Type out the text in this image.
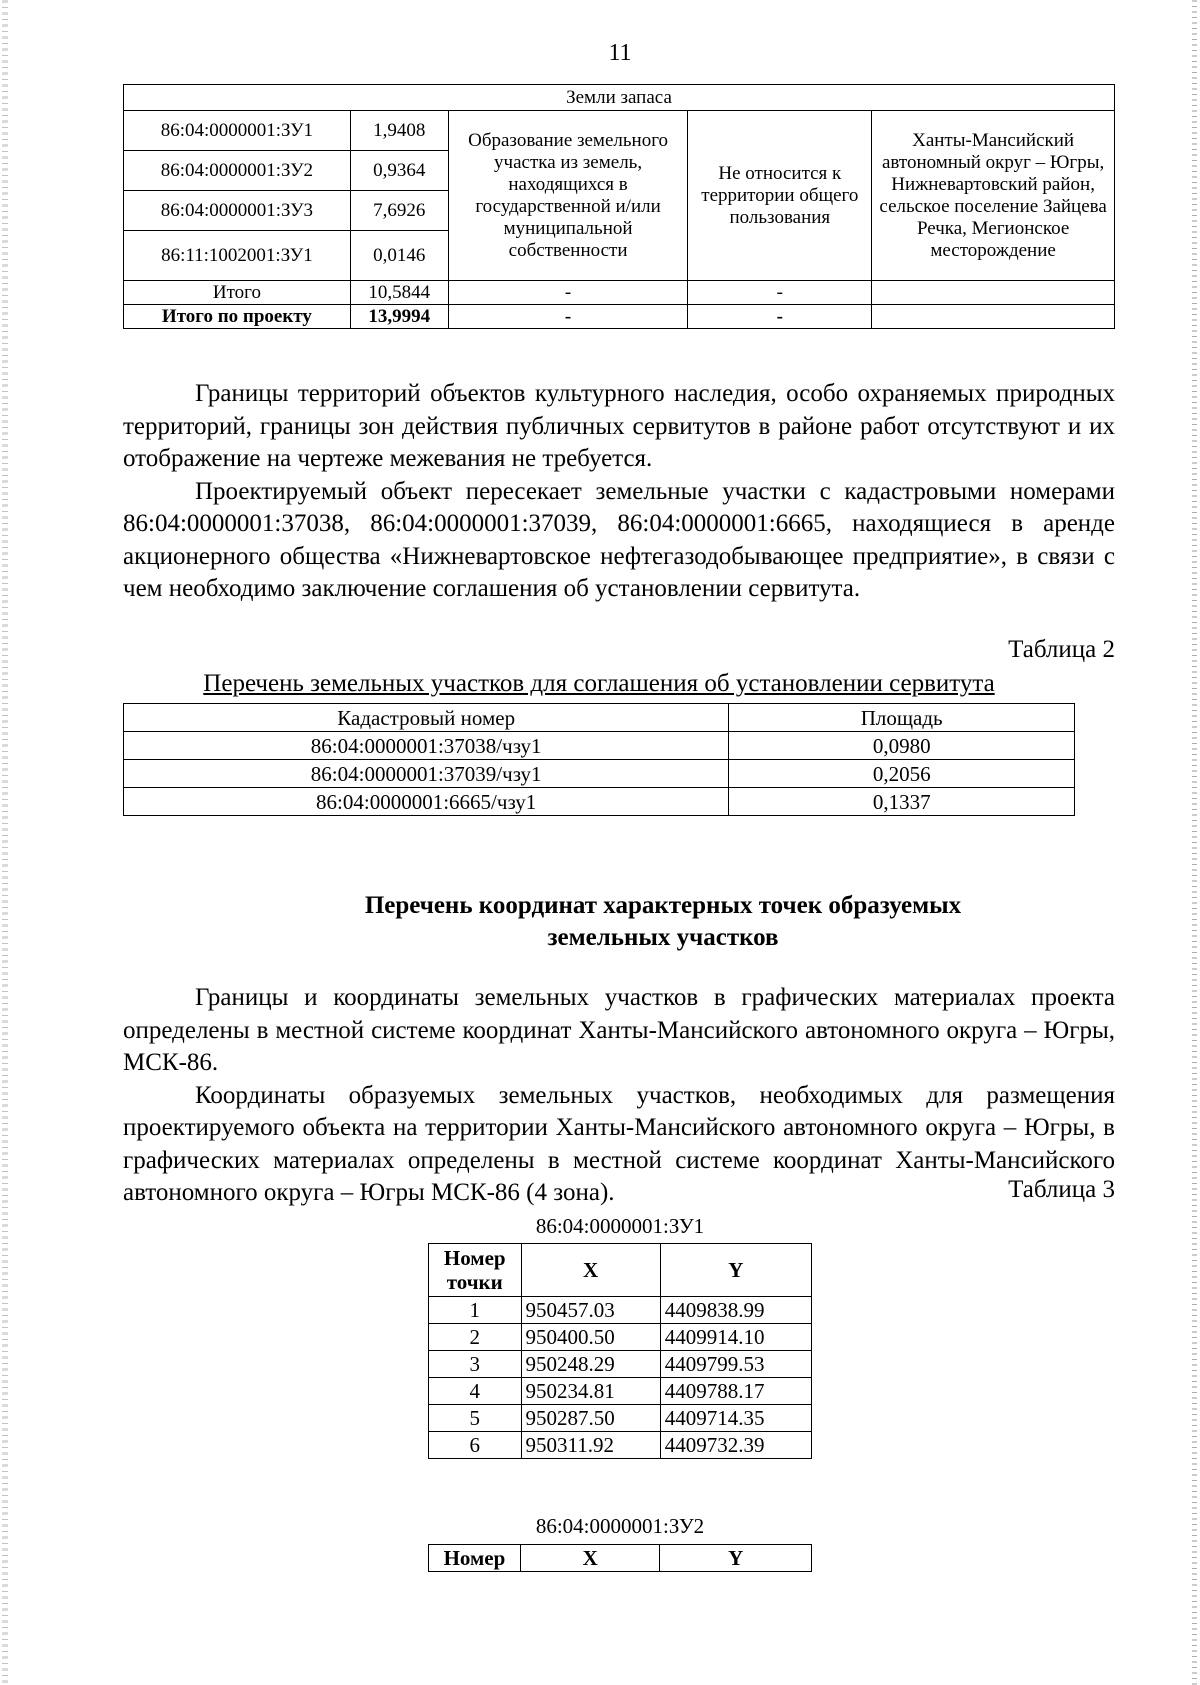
11
Земли запаса				
86:04:0000001:ЗУ1	1,9408	Образование земельного участка из земель, находящихся в государственной и/или муниципальной собственности	Не относится к территории общего пользования	Ханты-Мансийский автономный округ – Югры, Нижневартовский район, сельское поселение Зайцева Речка, Мегионское месторождение
86:04:0000001:ЗУ2	0,9364			
86:04:0000001:ЗУ3	7,6926			
86:11:1002001:ЗУ1	0,0146			
Итого	10,5844	-	-	
Итого по проекту	13,9994	-	-	

Границы территорий объектов культурного наследия, особо охраняемых природных территорий, границы зон действия публичных сервитутов в районе работ отсутствуют и их отображение на чертеже межевания не требуется.

Проектируемый объект пересекает земельные участки с кадастровыми номерами 86:04:0000001:37038, 86:04:0000001:37039, 86:04:0000001:6665, находящиеся в аренде акционерного общества «Нижневартовское нефтегазодобывающее предприятие», в связи с чем необходимо заключение соглашения об установлении сервитута.

Таблица 2
Перечень земельных участков для соглашения об установлении сервитута
Кадастровый номер	Площадь
86:04:0000001:37038/чзу1	0,0980
86:04:0000001:37039/чзу1	0,2056
86:04:0000001:6665/чзу1	0,1337
Перечень координат характерных точек образуемых
земельных участков

Границы и координаты земельных участков в графических материалах проекта определены в местной системе координат Ханты-Мансийского автономного округа – Югры, МСК-86.

Координаты образуемых земельных участков, необходимых для размещения проектируемого объекта на территории Ханты-Мансийского автономного округа – Югры, в графических материалах определены в местной системе координат Ханты-Мансийского автономного округа – Югры МСК-86 (4 зона).	Таблица 3
86:04:0000001:ЗУ1
Номер точки	X	Y
1	950457.03	4409838.99
2	950400.50	4409914.10
3	950248.29	4409799.53
4	950234.81	4409788.17
5	950287.50	4409714.35
6	950311.92	4409732.39
86:04:0000001:ЗУ2
Номер	X	Y
